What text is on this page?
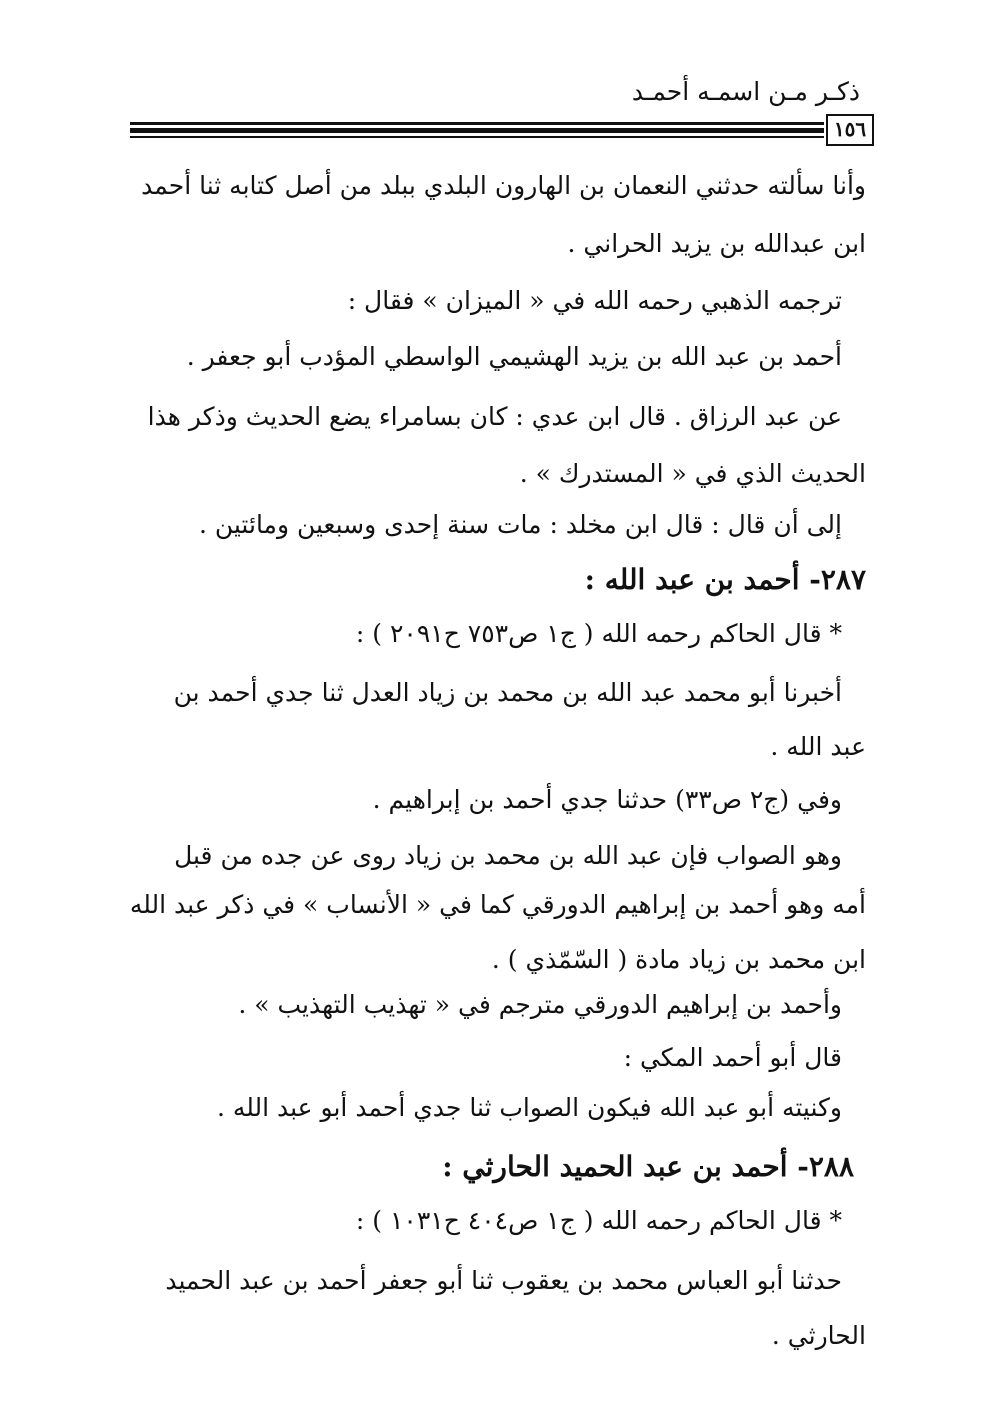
ذكـر مـن اسمـه أحمـد
١٥٦
وأنا سألته حدثني النعمان بن الهارون البلدي ببلد من أصل كتابه ثنا أحمد
ابن عبدالله بن يزيد الحراني .
ترجمه الذهبي رحمه الله في « الميزان » فقال :
أحمد بن عبد الله بن يزيد الهشيمي الواسطي المؤدب أبو جعفر .
عن عبد الرزاق . قال ابن عدي : كان بسامراء يضع الحديث وذكر هذا
الحديث الذي في « المستدرك » .
إلى أن قال : قال ابن مخلد : مات سنة إحدى وسبعين ومائتين .
٢٨٧- أحمد بن عبد الله :
* قال الحاكم رحمه الله ( ج١ ص٧٥٣ ح٢٠٩١ ) :
أخبرنا أبو محمد عبد الله بن محمد بن زياد العدل ثنا جدي أحمد بن
عبد الله .
وفي (ج٢ ص٣٣) حدثنا جدي أحمد بن إبراهيم .
وهو الصواب فإن عبد الله بن محمد بن زياد روى عن جده من قبل
أمه وهو أحمد بن إبراهيم الدورقي كما في « الأنساب » في ذكر عبد الله
ابن محمد بن زياد مادة ( السّمّذي ) .
وأحمد بن إبراهيم الدورقي مترجم في « تهذيب التهذيب » .
قال أبو أحمد المكي :
وكنيته أبو عبد الله فيكون الصواب ثنا جدي أحمد أبو عبد الله .
٢٨٨- أحمد بن عبد الحميد الحارثي :
* قال الحاكم رحمه الله ( ج١ ص٤٠٤ ح١٠٣١ ) :
حدثنا أبو العباس محمد بن يعقوب ثنا أبو جعفر أحمد بن عبد الحميد
الحارثي .
